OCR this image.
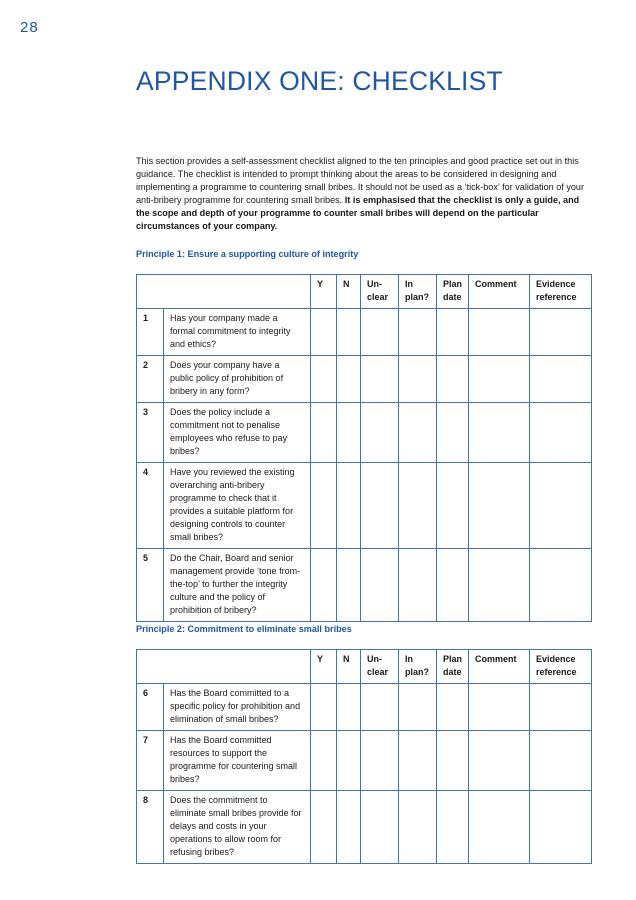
28
APPENDIX ONE: CHECKLIST

This section provides a self-assessment checklist aligned to the ten principles and good practice set out in this guidance. The checklist is intended to prompt thinking about the areas to be considered in designing and implementing a programme to countering small bribes. It should not be used as a ‘tick-box’ for validation of your anti-bribery programme for countering small bribes. It is emphasised that the checklist is only a guide, and the scope and depth of your programme to counter small bribes will depend on the particular circumstances of your company.

Principle 1: Ensure a supporting culture of integrity
		Y	N	Un-clear	In plan?	Plan date	Comment	Evidence reference
1	Has your company made a formal commitment to integrity and ethics?							
2	Does your company have a public policy of prohibition of bribery in any form?							
3	Does the policy include a commitment not to penalise employees who refuse to pay bribes?							
4	Have you reviewed the existing overarching anti-bribery programme to check that it provides a suitable platform for designing controls to counter small bribes?							
5	Do the Chair, Board and senior management provide ‘tone from-the-top’ to further the integrity culture and the policy of prohibition of bribery?							
Principle 2: Commitment to eliminate small bribes
		Y	N	Un-clear	In plan?	Plan date	Comment	Evidence reference
6	Has the Board committed to a specific policy for prohibition and elimination of small bribes?							
7	Has the Board committed resources to support the programme for countering small bribes?							
8	Does the commitment to eliminate small bribes provide for delays and costs in your operations to allow room for refusing bribes?							
